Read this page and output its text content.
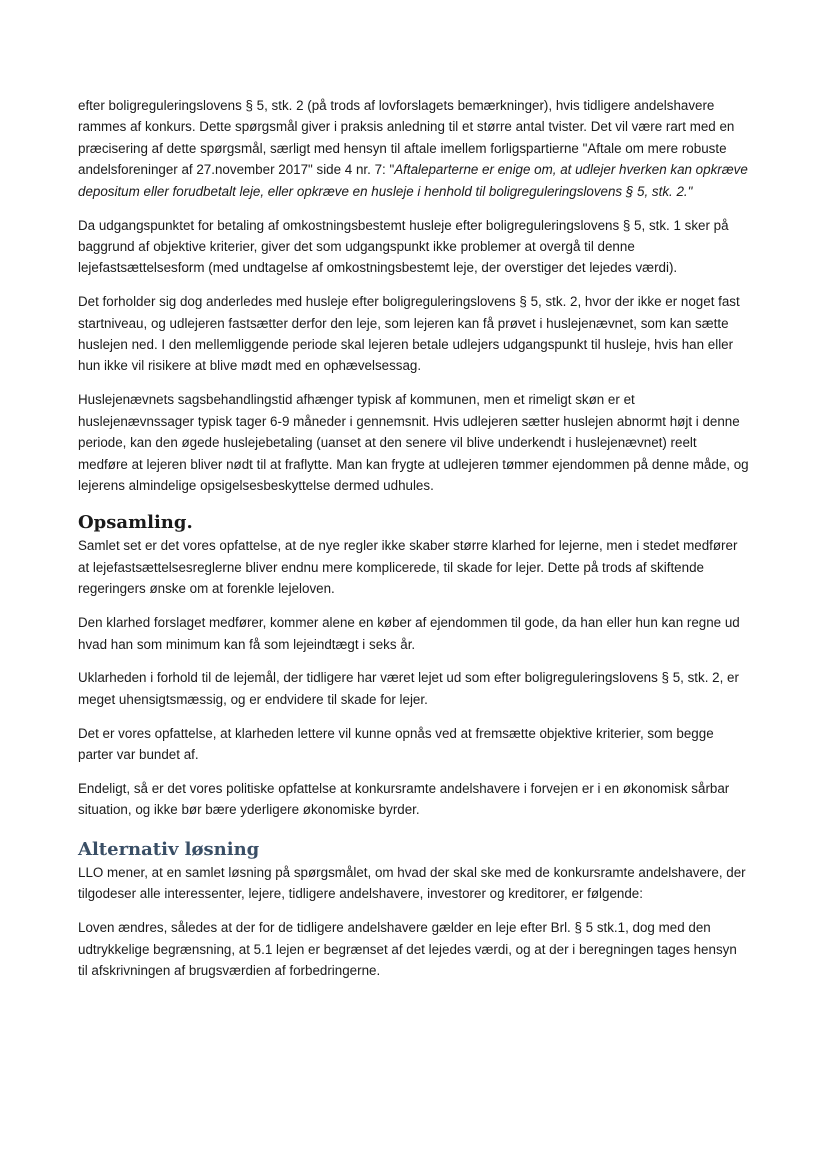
efter boligreguleringslovens § 5, stk. 2 (på trods af lovforslagets bemærkninger), hvis tidligere andelshavere rammes af konkurs. Dette spørgsmål giver i praksis anledning til et større antal tvister. Det vil være rart med en præcisering af dette spørgsmål, særligt med hensyn til aftale imellem forligspartierne "Aftale om mere robuste andelsforeninger af 27.november 2017" side 4 nr. 7: "Aftaleparterne er enige om, at udlejer hverken kan opkræve depositum eller forudbetalt leje, eller opkræve en husleje i henhold til boligreguleringslovens § 5, stk. 2."

Da udgangspunktet for betaling af omkostningsbestemt husleje efter boligreguleringslovens § 5, stk. 1 sker på baggrund af objektive kriterier, giver det som udgangspunkt ikke problemer at overgå til denne lejefastsættelsesform (med undtagelse af omkostningsbestemt leje, der overstiger det lejedes værdi).

Det forholder sig dog anderledes med husleje efter boligreguleringslovens § 5, stk. 2, hvor der ikke er noget fast startniveau, og udlejeren fastsætter derfor den leje, som lejeren kan få prøvet i huslejenævnet, som kan sætte huslejen ned. I den mellemliggende periode skal lejeren betale udlejers udgangspunkt til husleje, hvis han eller hun ikke vil risikere at blive mødt med en ophævelsessag.

Huslejenævnets sagsbehandlingstid afhænger typisk af kommunen, men et rimeligt skøn er et huslejenævnssager typisk tager 6-9 måneder i gennemsnit. Hvis udlejeren sætter huslejen abnormt højt i denne periode, kan den øgede huslejebetaling (uanset at den senere vil blive underkendt i huslejenævnet) reelt medføre at lejeren bliver nødt til at fraflytte. Man kan frygte at udlejeren tømmer ejendommen på denne måde, og lejerens almindelige opsigelsesbeskyttelse dermed udhules.

Opsamling.

Samlet set er det vores opfattelse, at de nye regler ikke skaber større klarhed for lejerne, men i stedet medfører at lejefastsættelsesreglerne bliver endnu mere komplicerede, til skade for lejer. Dette på trods af skiftende regeringers ønske om at forenkle lejeloven.

Den klarhed forslaget medfører, kommer alene en køber af ejendommen til gode, da han eller hun kan regne ud hvad han som minimum kan få som lejeindtægt i seks år.

Uklarheden i forhold til de lejemål, der tidligere har været lejet ud som efter boligreguleringslovens § 5, stk. 2, er meget uhensigtsmæssig, og er endvidere til skade for lejer.

Det er vores opfattelse, at klarheden lettere vil kunne opnås ved at fremsætte objektive kriterier, som begge parter var bundet af.

Endeligt, så er det vores politiske opfattelse at konkursramte andelshavere i forvejen er i en økonomisk sårbar situation, og ikke bør bære yderligere økonomiske byrder.

Alternativ løsning

LLO mener, at en samlet løsning på spørgsmålet, om hvad der skal ske med de konkursramte andelshavere, der tilgodeser alle interessenter, lejere, tidligere andelshavere, investorer og kreditorer, er følgende:

Loven ændres, således at der for de tidligere andelshavere gælder en leje efter Brl. § 5 stk.1, dog med den udtrykkelige begrænsning, at 5.1 lejen er begrænset af det lejedes værdi, og at der i beregningen tages hensyn til afskrivningen af brugsværdien af forbedringerne.
